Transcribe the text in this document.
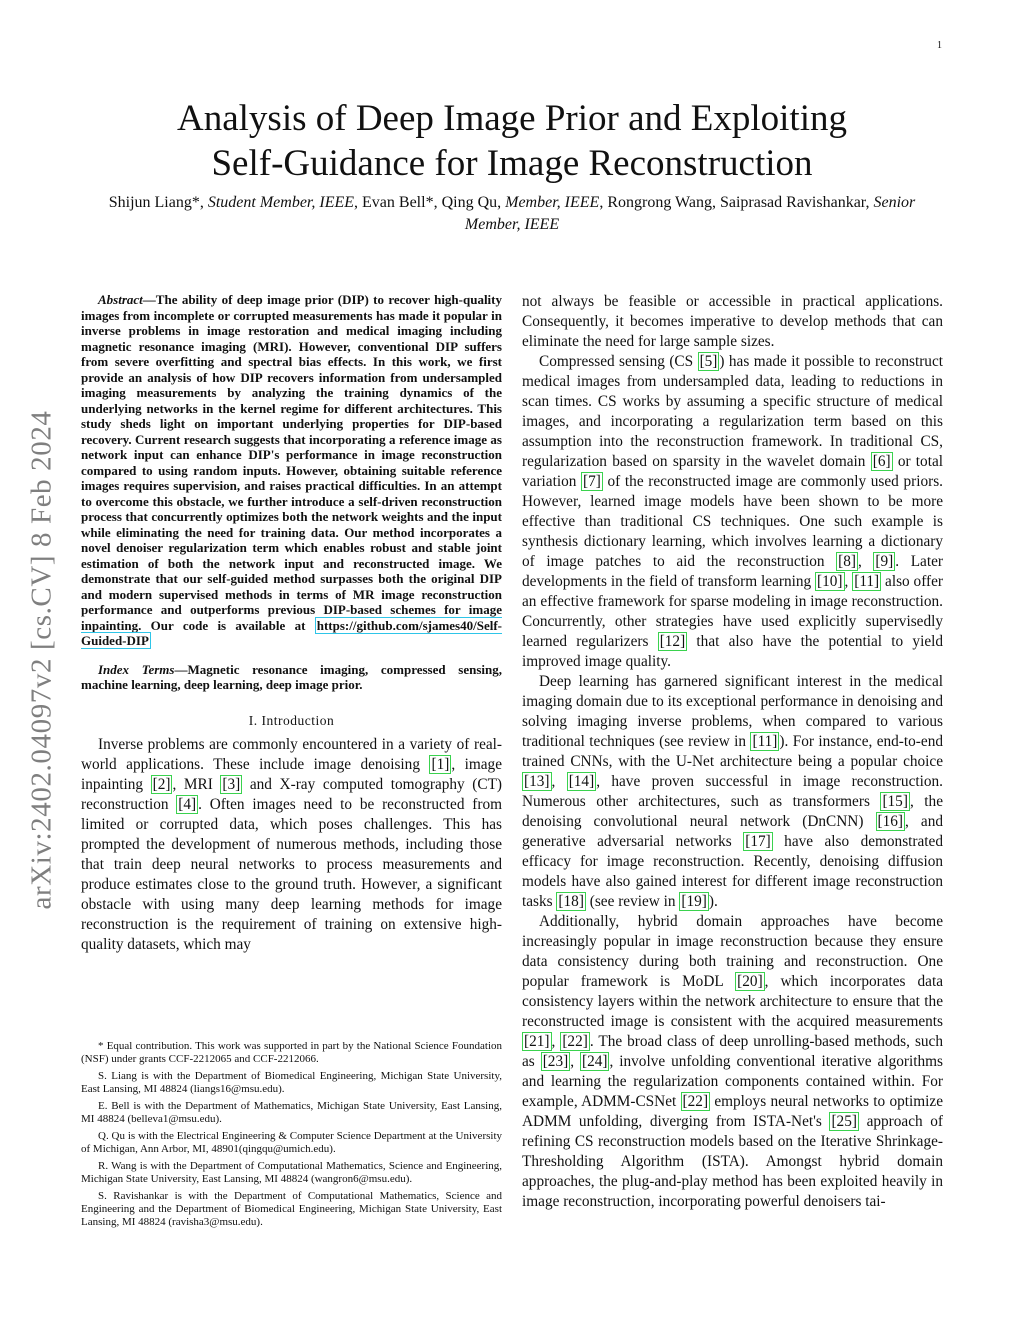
1
arXiv:2402.04097v2 [cs.CV] 8 Feb 2024
Analysis of Deep Image Prior and Exploiting
Self-Guidance for Image Reconstruction
Shijun Liang*, Student Member, IEEE, Evan Bell*, Qing Qu, Member, IEEE, Rongrong Wang, Saiprasad Ravishankar, Senior Member, IEEE

Abstract—The ability of deep image prior (DIP) to recover high-quality images from incomplete or corrupted measurements has made it popular in inverse problems in image restoration and medical imaging including magnetic resonance imaging (MRI). However, conventional DIP suffers from severe overfitting and spectral bias effects. In this work, we first provide an analysis of how DIP recovers information from undersampled imaging measurements by analyzing the training dynamics of the underlying networks in the kernel regime for different architectures. This study sheds light on important underlying properties for DIP-based recovery. Current research suggests that incorporating a reference image as network input can enhance DIP's performance in image reconstruction compared to using random inputs. However, obtaining suitable reference images requires supervision, and raises practical difficulties. In an attempt to overcome this obstacle, we further introduce a self-driven reconstruction process that concurrently optimizes both the network weights and the input while eliminating the need for training data. Our method incorporates a novel denoiser regularization term which enables robust and stable joint estimation of both the network input and reconstructed image. We demonstrate that our self-guided method surpasses both the original DIP and modern supervised methods in terms of MR image reconstruction performance and outperforms previous DIP-based schemes for image inpainting. Our code is available at https://github.com/sjames40/Self-Guided-DIP

Index Terms—Magnetic resonance imaging, compressed sensing, machine learning, deep learning, deep image prior.

I. Introduction

Inverse problems are commonly encountered in a variety of real-world applications. These include image denoising [1] , image inpainting [2] , MRI [3] and X-ray computed tomography (CT) reconstruction [4] . Often images need to be reconstructed from limited or corrupted data, which poses challenges. This has prompted the development of numerous methods, including those that train deep neural networks to process measurements and produce estimates close to the ground truth. However, a significant obstacle with using many deep learning methods for image reconstruction is the requirement of training on extensive high-quality datasets, which may

* Equal contribution. This work was supported in part by the National Science Foundation (NSF) under grants CCF-2212065 and CCF-2212066.

S. Liang is with the Department of Biomedical Engineering, Michigan State University, East Lansing, MI 48824 (liangs16@msu.edu).

E. Bell is with the Department of Mathematics, Michigan State University, East Lansing, MI 48824 (belleva1@msu.edu).

Q. Qu is with the Electrical Engineering & Computer Science Department at the University of Michigan, Ann Arbor, MI, 48901(qingqu@umich.edu).

R. Wang is with the Department of Computational Mathematics, Science and Engineering, Michigan State University, East Lansing, MI 48824 (wangron6@msu.edu).

S. Ravishankar is with the Department of Computational Mathematics, Science and Engineering and the Department of Biomedical Engineering, Michigan State University, East Lansing, MI 48824 (ravisha3@msu.edu).

not always be feasible or accessible in practical applications. Consequently, it becomes imperative to develop methods that can eliminate the need for large sample sizes.

Compressed sensing (CS [5] ) has made it possible to reconstruct medical images from undersampled data, leading to reductions in scan times. CS works by assuming a specific structure of medical images, and incorporating a regularization term based on this assumption into the reconstruction framework. In traditional CS, regularization based on sparsity in the wavelet domain [6] or total variation [7] of the reconstructed image are commonly used priors. However, learned image models have been shown to be more effective than traditional CS techniques. One such example is synthesis dictionary learning, which involves learning a dictionary of image patches to aid the reconstruction [8] , [9] . Later developments in the field of transform learning [10] , [11] also offer an effective framework for sparse modeling in image reconstruction. Concurrently, other strategies have used explicitly supervisedly learned regularizers [12] that also have the potential to yield improved image quality.

Deep learning has garnered significant interest in the medical imaging domain due to its exceptional performance in denoising and solving imaging inverse problems, when compared to various traditional techniques (see review in [11] ). For instance, end-to-end trained CNNs, with the U-Net architecture being a popular choice [13] , [14] , have proven successful in image reconstruction. Numerous other architectures, such as transformers [15] , the denoising convolutional neural network (DnCNN) [16] , and generative adversarial networks [17] have also demonstrated efficacy for image reconstruction. Recently, denoising diffusion models have also gained interest for different image reconstruction tasks [18] (see review in [19] ).

Additionally, hybrid domain approaches have become increasingly popular in image reconstruction because they ensure data consistency during both training and reconstruction. One popular framework is MoDL [20] , which incorporates data consistency layers within the network architecture to ensure that the reconstructed image is consistent with the acquired measurements [21] , [22] . The broad class of deep unrolling-based methods, such as [23] , [24] , involve unfolding conventional iterative algorithms and learning the regularization components contained within. For example, ADMM-CSNet [22] employs neural networks to optimize ADMM unfolding, diverging from ISTA-Net's [25] approach of refining CS reconstruction models based on the Iterative Shrinkage-Thresholding Algorithm (ISTA). Amongst hybrid domain approaches, the plug-and-play method has been exploited heavily in image reconstruction, incorporating powerful denoisers tai-
